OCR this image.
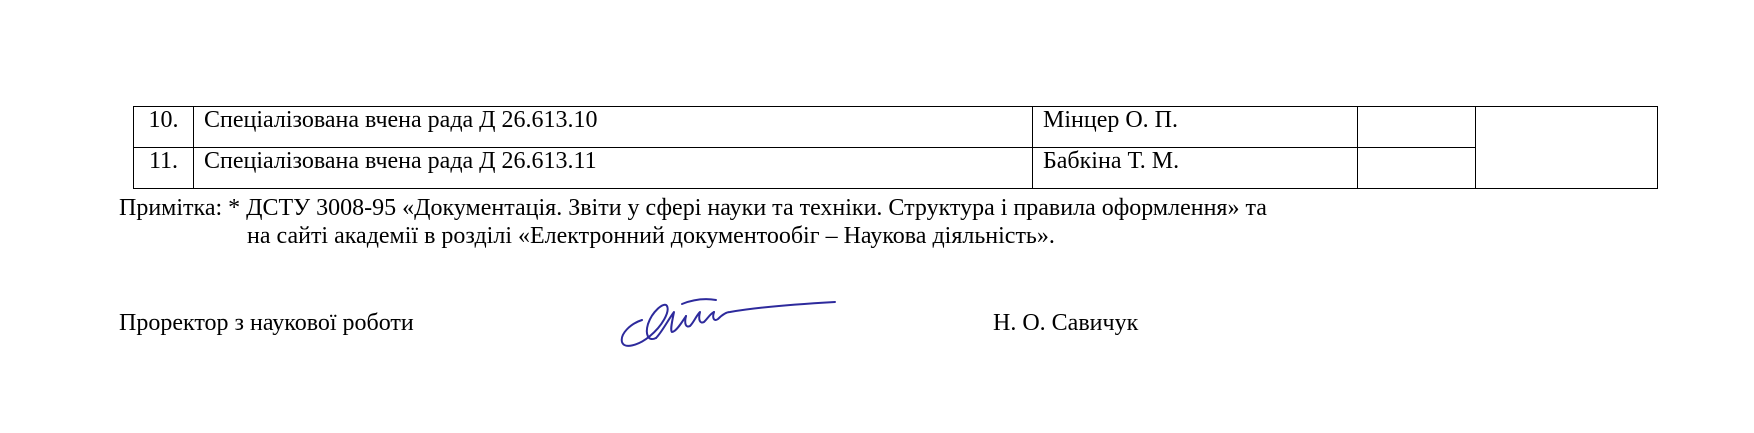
10.	Спеціалізована вчена рада Д 26.613.10	Мінцер О. П.		
11.	Спеціалізована вчена рада Д 26.613.11	Бабкіна Т. М.		
Примітка: * ДСТУ 3008-95 «Документація. Звіти у сфері науки та техніки. Структура і правила оформлення» та
на сайті академії в розділі «Електронний документообіг – Наукова діяльність».
Проректор з наукової роботи	Н. О. Савичук
